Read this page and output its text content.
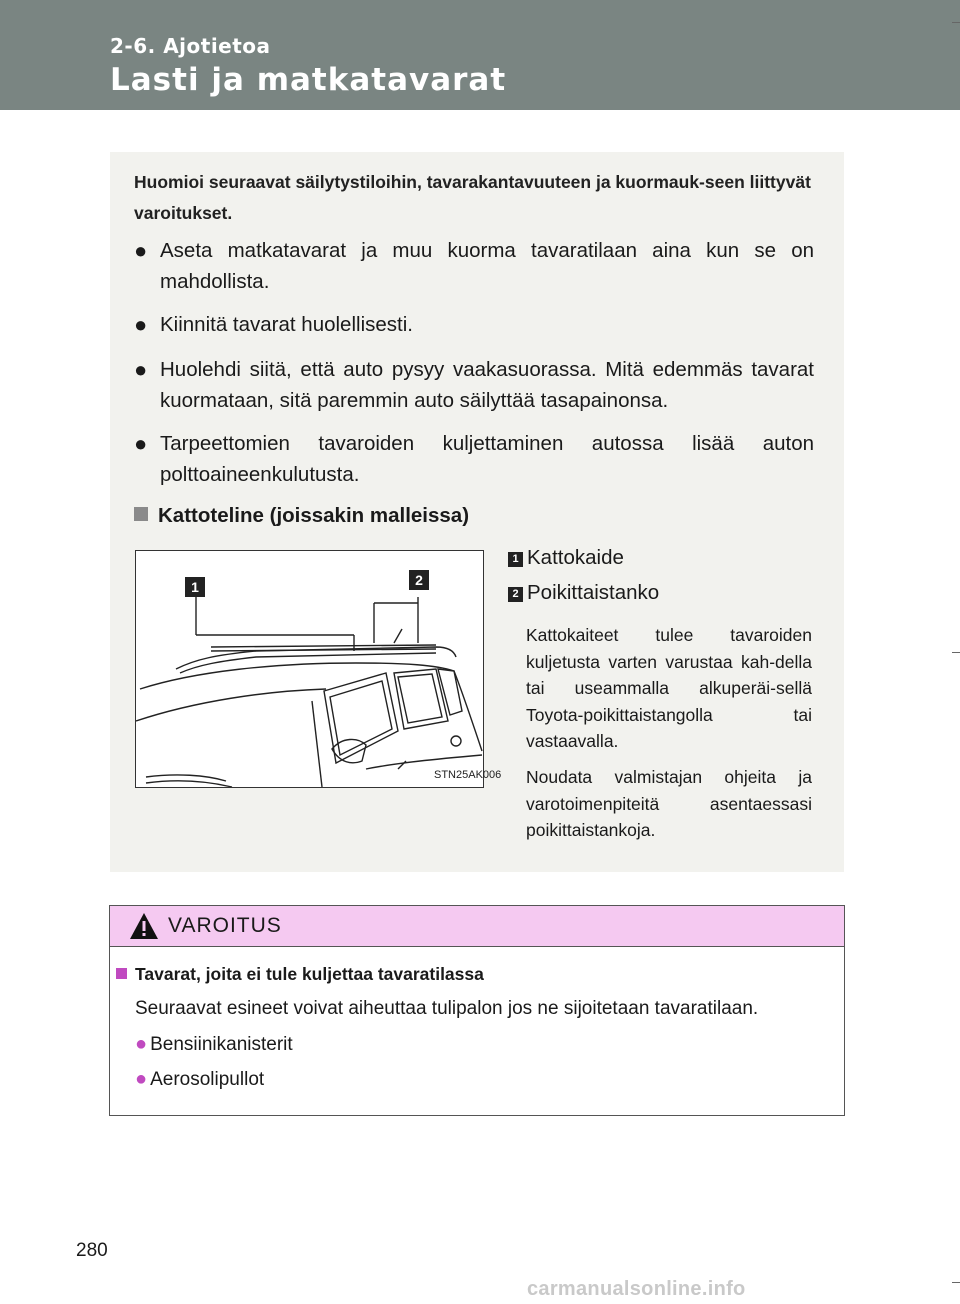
2-6. Ajotietoa
Lasti ja matkatavarat
Huomioi seuraavat säilytystiloihin, tavarakantavuuteen ja kuormauk-seen liittyvät varoitukset.
● Aseta matkatavarat ja muu kuorma tavaratilaan aina kun se on mahdollista.
● Kiinnitä tavarat huolellisesti.
● Huolehdi siitä, että auto pysyy vaakasuorassa. Mitä edemmäs tavarat kuormataan, sitä paremmin auto säilyttää tasapainonsa.
● Tarpeettomien tavaroiden kuljettaminen autossa lisää auton polttoaineenkulutusta.
Kattoteline (joissakin malleissa)
1	2
STN25AK006
1 Kattokaide
2 Poikittaistanko
Kattokaiteet tulee tavaroiden kuljetusta varten varustaa kah-della tai useammalla alkuperäi-sellä Toyota-poikittaistangolla tai vastaavalla.
Noudata valmistajan ohjeita ja varotoimenpiteitä asentaessasi poikittaistankoja.
VAROITUS
Tavarat, joita ei tule kuljettaa tavaratilassa
Seuraavat esineet voivat aiheuttaa tulipalon jos ne sijoitetaan tavaratilaan.
● Bensiinikanisterit
● Aerosolipullot
280
carmanualsonline.info
